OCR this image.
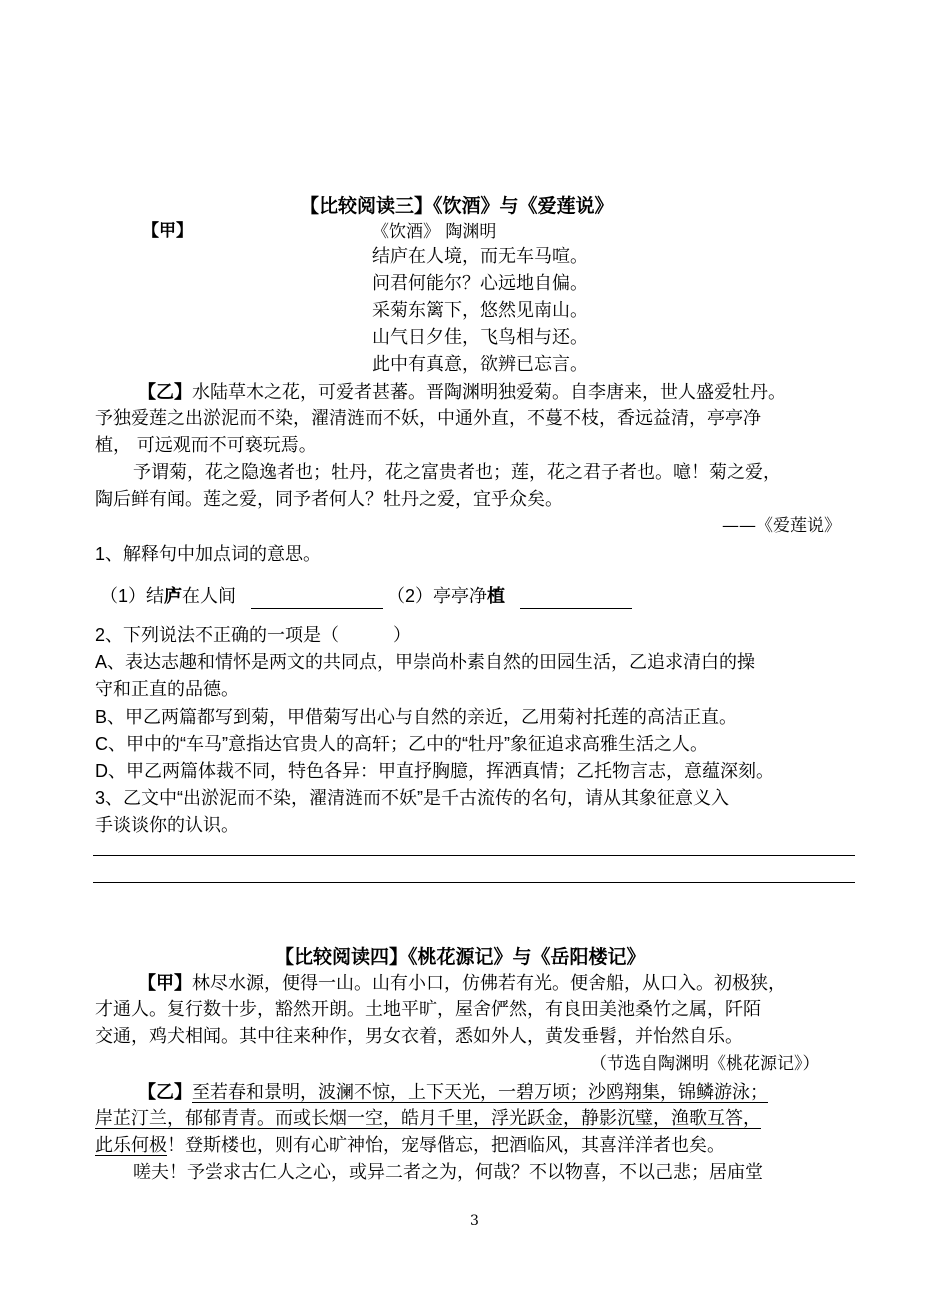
【比较阅读三】《饮酒》与《爱莲说》
【甲】	《饮酒》 陶渊明
结庐在人境，而无车马喧。
问君何能尔？心远地自偏。
采菊东篱下，悠然见南山。
山气日夕佳，飞鸟相与还。
此中有真意，欲辨已忘言。
【乙】水陆草木之花，可爱者甚蕃。晋陶渊明独爱菊。自李唐来，世人盛爱牡丹。
予独爱莲之出淤泥而不染，濯清涟而不妖，中通外直，不蔓不枝，香远益清，亭亭净
植， 可远观而不可亵玩焉。
予谓菊，花之隐逸者也；牡丹，花之富贵者也；莲，花之君子者也。噫！菊之爱，
陶后鲜有闻。莲之爱，同予者何人？牡丹之爱，宜乎众矣。
——《爱莲说》
1、解释句中加点词的意思。
（1）结庐在人间	（2）亭亭净植
2、下列说法不正确的一项是（　　　）
A、表达志趣和情怀是两文的共同点，甲崇尚朴素自然的田园生活，乙追求清白的操
守和正直的品德。
B、甲乙两篇都写到菊，甲借菊写出心与自然的亲近，乙用菊衬托莲的高洁正直。
C、甲中的“车马”意指达官贵人的高轩；乙中的“牡丹”象征追求高雅生活之人。
D、甲乙两篇体裁不同，特色各异：甲直抒胸臆，挥洒真情；乙托物言志，意蕴深刻。
3、乙文中“出淤泥而不染，濯清涟而不妖”是千古流传的名句，请从其象征意义入
手谈谈你的认识。
【比较阅读四】《桃花源记》与《岳阳楼记》
【甲】林尽水源，便得一山。山有小口，仿佛若有光。便舍船，从口入。初极狭，
才通人。复行数十步，豁然开朗。土地平旷，屋舍俨然，有良田美池桑竹之属，阡陌
交通，鸡犬相闻。其中往来种作，男女衣着，悉如外人，黄发垂髫，并怡然自乐。
（节选自陶渊明《桃花源记》）
【乙】至若春和景明，波澜不惊，上下天光，一碧万顷；沙鸥翔集，锦鳞游泳；
岸芷汀兰，郁郁青青。而或长烟一空，皓月千里，浮光跃金，静影沉璧，渔歌互答，
此乐何极！登斯楼也，则有心旷神怡，宠辱偕忘，把酒临风，其喜洋洋者也矣。
嗟夫！予尝求古仁人之心，或异二者之为，何哉？不以物喜，不以己悲；居庙堂
3
